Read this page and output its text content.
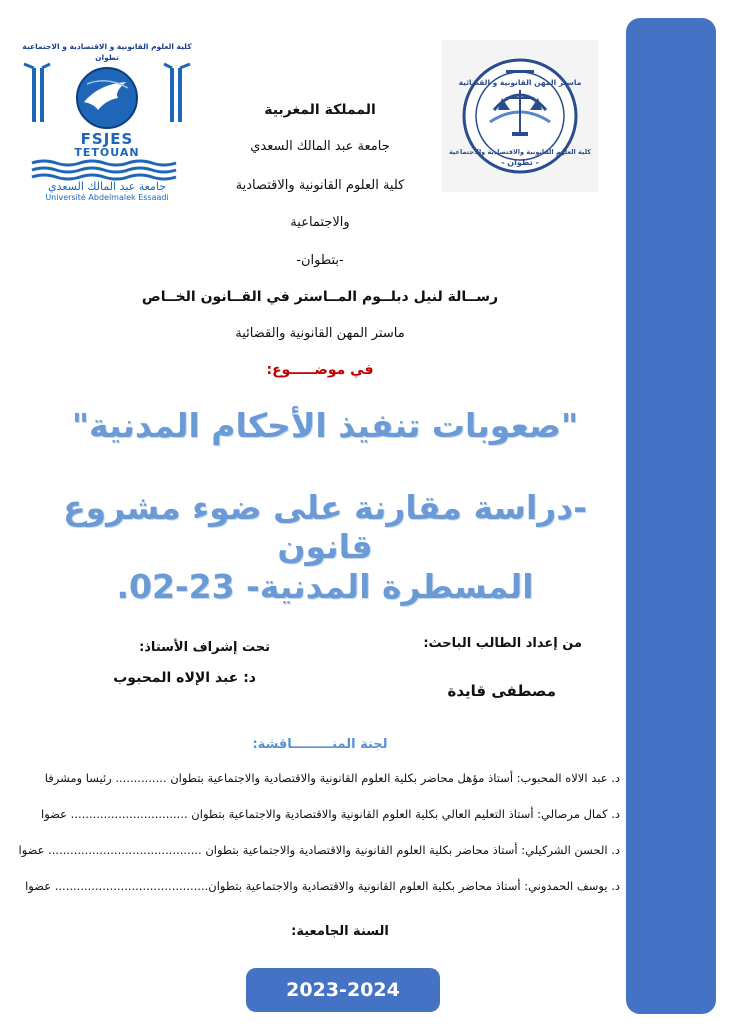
كلية العلوم القانونية و الاقتصادية و الاجتماعية
تطوان
FSJES
TETOUAN
جامعة عبد المالك السعدي
Université Abdelmalek Essaadi
ماستر المهن القانونية و القضائية
كلية العلوم القانونية والاقتصادية والاجتماعية
- تطوان -
المملكة المغربية
جامعة عبد المالك السعدي
كلية العلوم القانونية والاقتصادية
والاجتماعية
-بتطوان-
رســالة لنيل دبلــوم المــاستر في القــانون الخــاص
ماستر المهن القانونية والقضائية
في موضـــــوع:
"صعوبات تنفيذ الأحكام المدنية"
-دراسة مقارنة على ضوء مشروع قانون
المسطرة المدنية- 23-02.
من إعداد الطالب الباحث:
مصطفى قايدة
تحت إشراف الأستاذ:
د: عبد الإلاه المحبوب
لجنة المنـــــــــاقشة:
د. عبد الالاه المحبوب: أستاذ مؤهل محاضر بكلية العلوم القانونية والاقتصادية والاجتماعية بتطوان .............. رئيسا ومشرفا
د. كمال مرصالي: أستاذ التعليم العالي بكلية العلوم القانونية والاقتصادية والاجتماعية بتطوان ................................ عضوا
د. الحسن الشركيلي: أستاذ محاضر بكلية العلوم القانونية والاقتصادية والاجتماعية بتطوان .......................................... عضوا
د. يوسف الحمدوني: أستاذ محاضر بكلية العلوم القانونية والاقتصادية والاجتماعية بتطوان.......................................... عضوا
السنة الجامعية:
2023-2024
